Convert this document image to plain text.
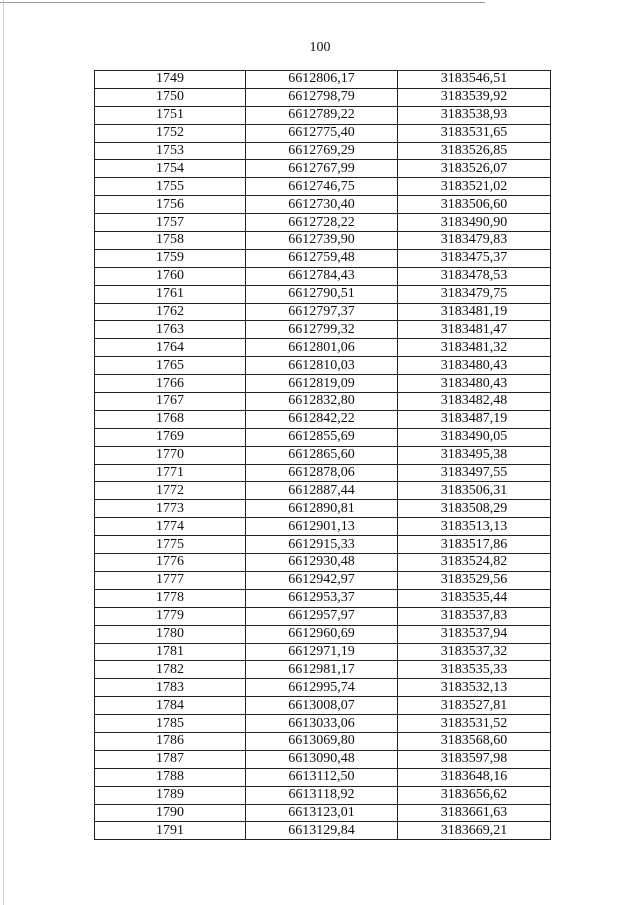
100
1749	6612806,17	3183546,51
1750	6612798,79	3183539,92
1751	6612789,22	3183538,93
1752	6612775,40	3183531,65
1753	6612769,29	3183526,85
1754	6612767,99	3183526,07
1755	6612746,75	3183521,02
1756	6612730,40	3183506,60
1757	6612728,22	3183490,90
1758	6612739,90	3183479,83
1759	6612759,48	3183475,37
1760	6612784,43	3183478,53
1761	6612790,51	3183479,75
1762	6612797,37	3183481,19
1763	6612799,32	3183481,47
1764	6612801,06	3183481,32
1765	6612810,03	3183480,43
1766	6612819,09	3183480,43
1767	6612832,80	3183482,48
1768	6612842,22	3183487,19
1769	6612855,69	3183490,05
1770	6612865,60	3183495,38
1771	6612878,06	3183497,55
1772	6612887,44	3183506,31
1773	6612890,81	3183508,29
1774	6612901,13	3183513,13
1775	6612915,33	3183517,86
1776	6612930,48	3183524,82
1777	6612942,97	3183529,56
1778	6612953,37	3183535,44
1779	6612957,97	3183537,83
1780	6612960,69	3183537,94
1781	6612971,19	3183537,32
1782	6612981,17	3183535,33
1783	6612995,74	3183532,13
1784	6613008,07	3183527,81
1785	6613033,06	3183531,52
1786	6613069,80	3183568,60
1787	6613090,48	3183597,98
1788	6613112,50	3183648,16
1789	6613118,92	3183656,62
1790	6613123,01	3183661,63
1791	6613129,84	3183669,21
